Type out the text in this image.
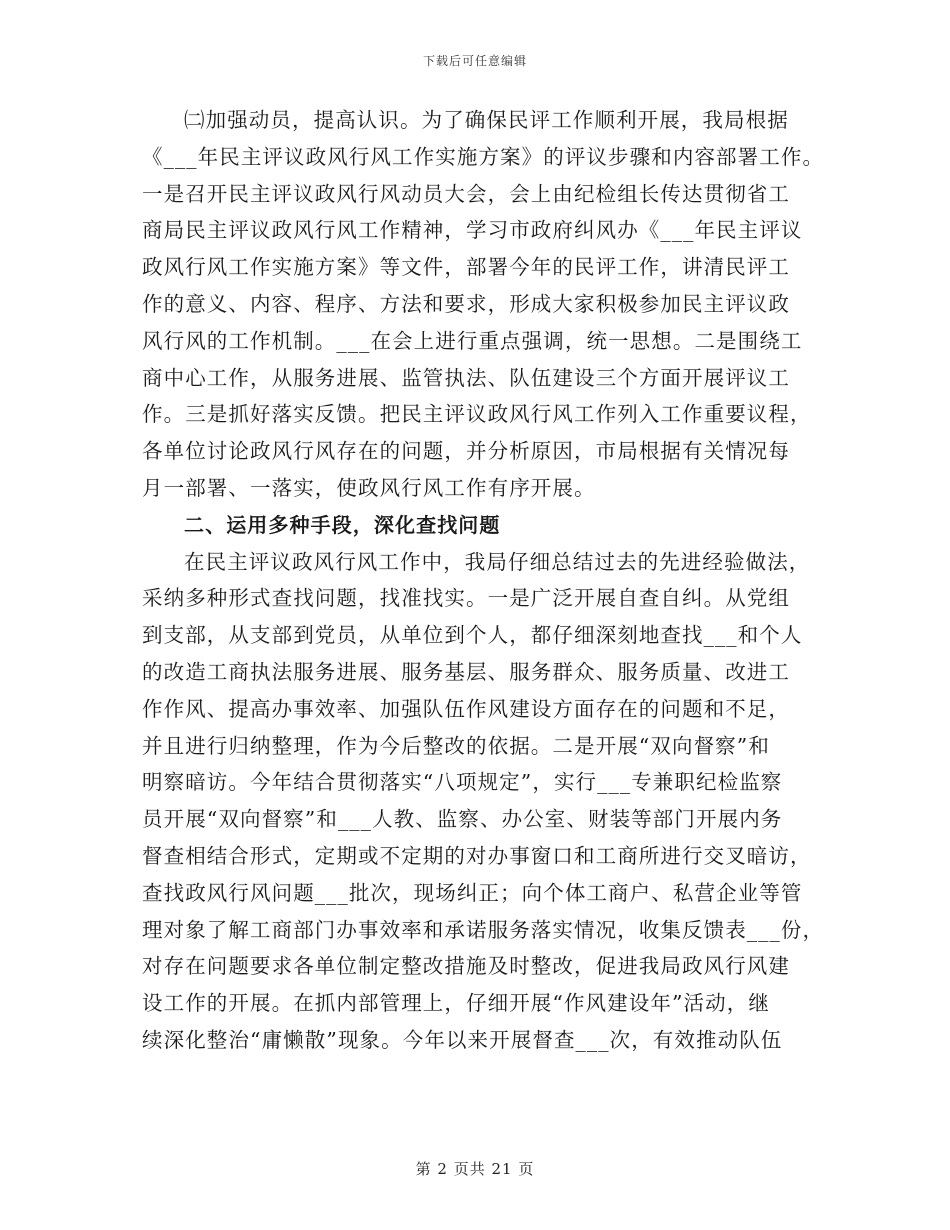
下载后可任意编辑
㈡加强动员，提高认识。为了确保民评工作顺利开展，我局根据
《___年民主评议政风行风工作实施方案》的评议步骤和内容部署工作。
一是召开民主评议政风行风动员大会，会上由纪检组长传达贯彻省工
商局民主评议政风行风工作精神，学习市政府纠风办《___年民主评议
政风行风工作实施方案》等文件，部署今年的民评工作，讲清民评工
作的意义、内容、程序、方法和要求，形成大家积极参加民主评议政
风行风的工作机制。___在会上进行重点强调，统一思想。二是围绕工
商中心工作，从服务进展、监管执法、队伍建设三个方面开展评议工
作。三是抓好落实反馈。把民主评议政风行风工作列入工作重要议程，
各单位讨论政风行风存在的问题，并分析原因，市局根据有关情况每
月一部署、一落实，使政风行风工作有序开展。
二、运用多种手段，深化查找问题
在民主评议政风行风工作中，我局仔细总结过去的先进经验做法，
采纳多种形式查找问题，找准找实。一是广泛开展自查自纠。从党组
到支部，从支部到党员，从单位到个人，都仔细深刻地查找___和个人
的改造工商执法服务进展、服务基层、服务群众、服务质量、改进工
作作风、提高办事效率、加强队伍作风建设方面存在的问题和不足，
并且进行归纳整理，作为今后整改的依据。二是开展“双向督察”和
明察暗访。今年结合贯彻落实“八项规定”，实行___专兼职纪检监察
员开展“双向督察”和___人教、监察、办公室、财装等部门开展内务
督查相结合形式，定期或不定期的对办事窗口和工商所进行交叉暗访，
查找政风行风问题___批次，现场纠正；向个体工商户、私营企业等管
理对象了解工商部门办事效率和承诺服务落实情况，收集反馈表___份，
对存在问题要求各单位制定整改措施及时整改，促进我局政风行风建
设工作的开展。在抓内部管理上，仔细开展“作风建设年”活动，继
续深化整治“庸懒散”现象。今年以来开展督查___次，有效推动队伍
第 2 页共 21 页
